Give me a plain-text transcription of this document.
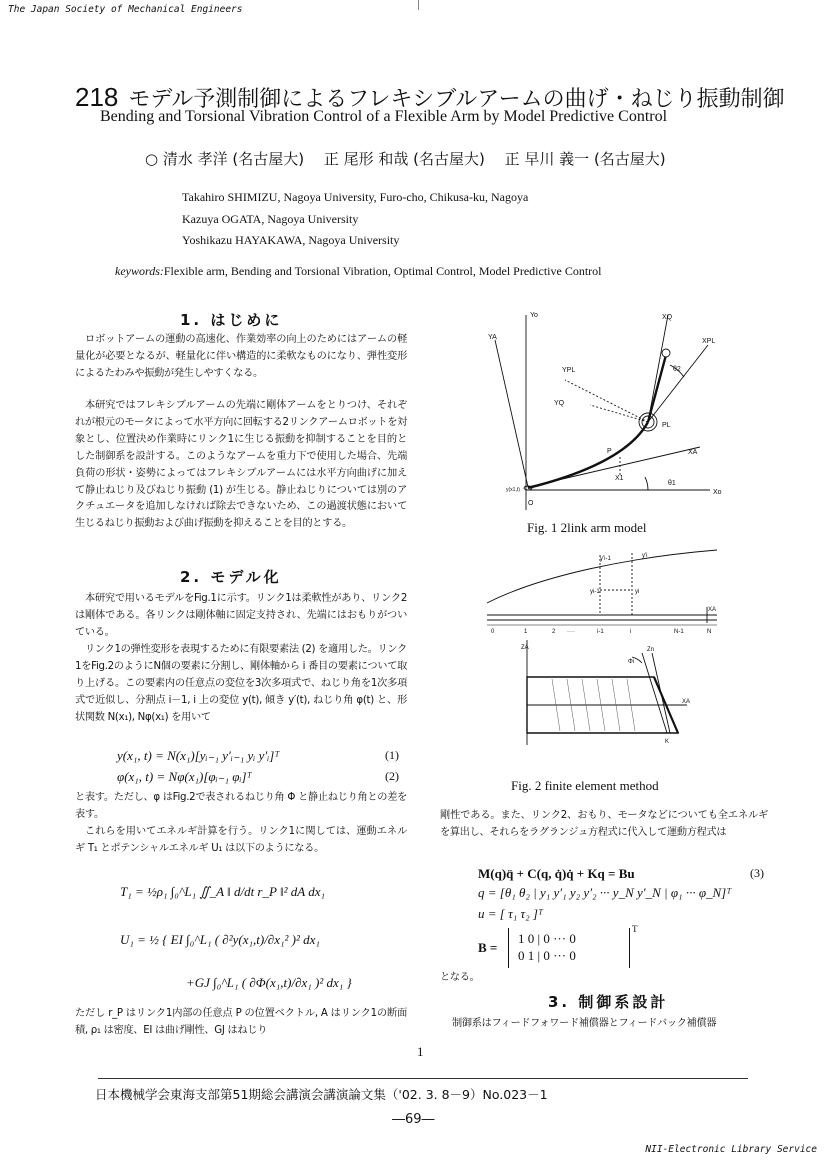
The Japan Society of Mechanical Engineers
218 モデル予測制御によるフレキシブルアームの曲げ・ねじり振動制御
Bending and Torsional Vibration Control of a Flexible Arm by Model Predictive Control
○ 清水 孝洋 (名古屋大)　 正 尾形 和哉 (名古屋大)　 正 早川 義一 (名古屋大)
Takahiro SHIMIZU, Nagoya University, Furo-cho, Chikusa-ku, Nagoya
Kazuya OGATA, Nagoya University
Yoshikazu HAYAKAWA, Nagoya University
keywords:Flexible arm, Bending and Torsional Vibration, Optimal Control, Model Predictive Control
1. はじめに
ロボットアームの運動の高速化、作業効率の向上のためにはアームの軽量化が必要となるが、軽量化に伴い構造的に柔軟なものになり、弾性変形によるたわみや振動が発生しやすくなる。
本研究ではフレキシブルアームの先端に剛体アームをとりつけ、それぞれが根元のモータによって水平方向に回転する2リンクアームロボットを対象とし、位置決め作業時にリンク1に生じる振動を抑制することを目的とした制御系を設計する。このようなアームを重力下で使用した場合、先端負荷の形状・姿勢によってはフレキシブルアームには水平方向曲げに加えて静止ねじり及びねじり振動 (1) が生じる。静止ねじりについては別のアクチュエータを追加しなければ除去できないため、この過渡状態において生じるねじり振動および曲げ振動を抑えることを目的とする。
2. モデル化
本研究で用いるモデルをFig.1に示す。リンク1は柔軟性があり、リンク2は剛体である。各リンクは剛体軸に固定支持され、先端にはおもりがついている。
リンク1の弾性変形を表現するために有限要素法 (2) を適用した。リンク1をFig.2のようにN個の要素に分割し、剛体軸から i 番目の要素について取り上げる。この要素内の任意点の変位を3次多項式で、ねじり角を1次多項式で近似し、分割点 i－1, i 上の変位 y(t), 傾き y′(t), ねじり角 φ(t) と、形状関数 N(x₁), Nφ(x₁) を用いて
y(x₁, t) = N(x₁)[yᵢ₋₁ y′ᵢ₋₁ yᵢ y′ᵢ]ᵀ	(1)
φ(x₁, t) = Nφ(x₁)[φᵢ₋₁ φᵢ]ᵀ	(2)
と表す。ただし、φ はFig.2で表されるねじり角 Φ と静止ねじり角との差を表す。
これらを用いてエネルギ計算を行う。リンク1に関しては、運動エネルギ T₁ とポテンシャルエネルギ U₁ は以下のようになる。
T₁ = ½ρ₁ ∫₀^L₁ ∬_A ‖ d/dt r_P ‖² dA dx₁
U₁ = ½ { EI ∫₀^L₁ ( ∂²y(x₁,t)/∂x₁² )² dx₁
+GJ ∫₀^L₁ ( ∂Φ(x₁,t)/∂x₁ )² dx₁ }
ただし r_P はリンク1内部の任意点 P の位置ベクトル, A はリンク1の断面積, ρ₁ は密度、EI は曲げ剛性、GJ はねじり
Yo
Xo
YA
XA
YQ
XQ
YPL
XPL
PL
P
O
θ1
θ2
X1
y(x1,t)
Fig. 1 2link arm model
y'i-1	y'i
yi-1	yi
XA
0	1	2 ····	i-1	i	N-1	N
ZA	Zn
Φi
XA
K
Fig. 2 finite element method
剛性である。また、リンク2、おもり、モータなどについても全エネルギを算出し、それらをラグランジュ方程式に代入して運動方程式は
M(q)q̈ + C(q, q̇)q̇ + Kq = Bu	(3)
q = [θ₁ θ₂ | y₁ y′₁ y₂ y′₂ ··· y_N y′_N | φ₁ ··· φ_N]ᵀ
u = [ τ₁ τ₂ ]ᵀ
B =
1 0 | 0 ··· 0
0 1 | 0 ··· 0
T
となる。
3. 制御系設計
制御系はフィードフォワード補償器とフィードバック補償器
1
日本機械学会東海支部第51期総会講演会講演論文集（'02. 3. 8－9）No.023－1
―69―
NII-Electronic Library Service
